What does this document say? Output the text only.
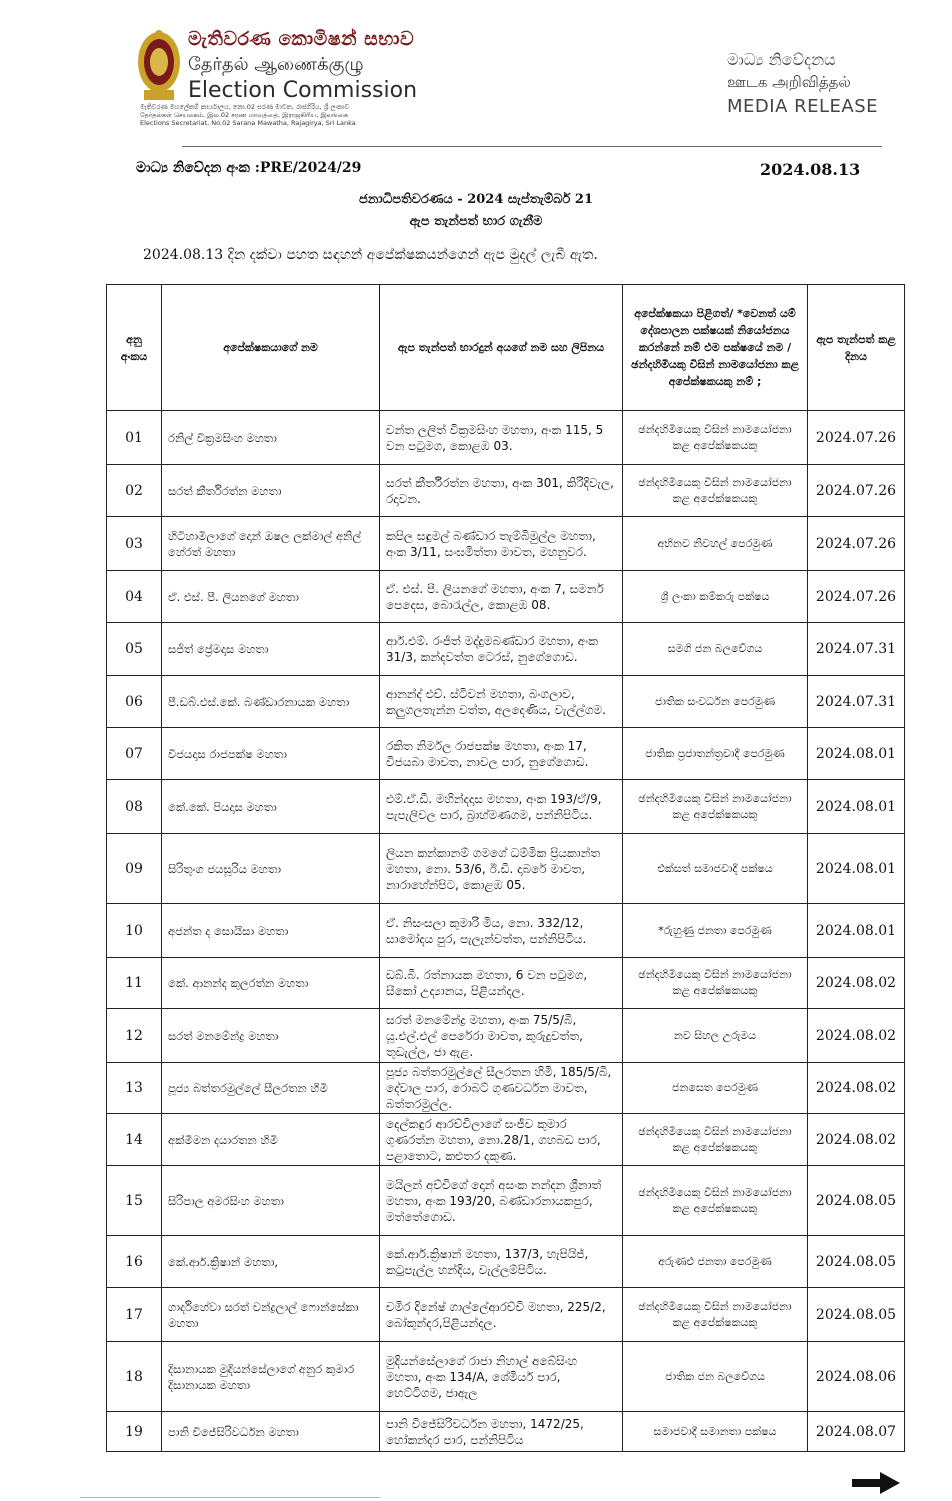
මැතිවරණ කොමිෂන් සභාව
தேர்தல் ஆணைக்குழு
Election Commission
මැතිවරණ මහලේකම් කාර්යාලය, නො.02 සරණ මාවත, රාජගිරිය, ශ්‍රී ලංකාව
தேர்தல்கள் செயலகம், இல.02 சரண மாவத்தை, இராஜகிரிய, இலங்கை
Elections Secretariat, No.02 Sarana Mawatha, Rajagirya, Sri Lanka
මාධ්‍ය නිවේදනය
ஊடக அறிவித்தல்
MEDIA RELEASE
මාධ්‍ය නිවේදන අංක :PRE/2024/29	2024.08.13
ජනාධිපතිවරණය - 2024 සැප්තැම්බර් 21
ඇප තැන්පත් භාර ගැනීම
2024.08.13 දින දක්වා පහත සඳහන් අපේක්ෂකයන්ගෙන් ඇප මුදල් ලැබී ඇත.
අනු අංකය	අපේක්ෂකයාගේ නම	ඇප තැන්පත් භාරදුන් අයගේ නම සහ ලිපිනය	අපේක්ෂකයා පිළිගත්/ *වෙනත් යම් දේශපාලන පක්ෂයක් නියෝජනය කරන්නේ නම් එම පක්ෂයේ නම / ඡන්දහිමියකු විසින් නාමයෝජනා කළ අපේක්ෂකයකු නම් ;	ඇප තැන්පත් කළ දිනය
01	රනිල් වික්‍රමසිංහ මහතා	චන්ත ලලිත් වික්‍රමසිංහ මහතා, අංක 115, 5 වන පටුමග, කොළඹ 03.	ඡන්දහිමියෙකු විසින් නාමයෝජනා කළ අපේක්ෂකයකු	2024.07.26
02	සරත් කීර්තිරත්න මහතා	සරත් කීර්තිරත්න මහතා, අංක 301, කිරිදිවැල, රදාවන.	ඡන්දහිමියෙකු විසින් නාමයෝජනා කළ අපේක්ෂකයකු	2024.07.26
03	හිටිහාමිලාගේ දොන් ඔෂල ලක්මාල් අනිල් හේරත් මහතා	කපිල සඳුමල් බණ්ඩාර තැම්බිමුල්ල මහතා, අංක 3/11, සංඝමිත්තා මාවත, මහනුවර.	අභිනව නිවහල් පෙරමුණ	2024.07.26
04	ඒ. එස්. පී. ලියනගේ මහතා	ඒ. එස්. පී. ලියනගේ මහතා, අංක 7, සමනර් පෙදෙස, බොරැල්ල, කොළඹ 08.	ශ්‍රී ලංකා කම්කරු පක්ෂය	2024.07.26
05	සජිත් ප්‍රේමදාස මහතා	ආර්.එම්. රංජිත් මද්දුමබණ්ඩාර මහතා, අංක 31/3, කන්දවත්ත ටෙරස්, නුගේගොඩ.	සමගි ජන බලවේගය	2024.07.31
06	පී.ඩබ්.එස්.කේ. බණ්ඩාරනායක මහතා	ආනන්ද් එච්. ස්ටීවන් මහතා, බංගලාව, කලුගලතැන්න වත්ත, අලදෙණිය, වැල්ල්ගම.	ජාතික සංවර්ධන පෙරමුණ	2024.07.31
07	විජයදාස රාජපක්ෂ මහතා	රකිත නිර්මල රාජපක්ෂ මහතා, අංක 17, විජයබා මාවත, නාවල පාර, නුගේගොඩ.	ජාතික ප්‍රජාතන්ත්‍රවාදී පෙරමුණ	2024.08.01
08	කේ.කේ. පියදාස මහතා	එම්.ඒ.ඩී. මහින්දදාස මහතා, අංක 193/ඒ/9, පැපැලිවල පාර, බ්‍රාහ්මණගම, පන්නිපිටිය.	ඡන්දහිමියෙකු විසින් නාමයෝජනා කළ අපේක්ෂකයකු	2024.08.01
09	සිරිතුංග ජයසූරිය මහතා	ලියන කන්කානම් ගමගේ ධම්මික ප්‍රියකාන්ත මහතා, නො. 53/6, ඊ.ඩී. දාබරේ මාවත, නාරාහේන්පිට, කොළඹ 05.	එක්සත් සමාජවාදී පක්ෂය	2024.08.01
10	අජන්ත ද සොයිසා මහතා	ඒ. නිසංසලා කුමාරි මිය, නො. 332/12, සාමෝදය පුර, පැලැන්වත්ත, පන්නිපිටිය.	*රුහුණු ජනතා පෙරමුණ	2024.08.01
11	කේ. ආනන්ද කුලරත්න මහතා	ඩබ්.බී. රත්නායක මහතා, 6 වන පටුමග, සීකෝ උද්‍යානය, පිළියන්දල.	ඡන්දහිමියෙකු විසින් නාමයෝජනා කළ අපේක්ෂකයකු	2024.08.02
12	සරත් මනමේන්ද්‍ර මහතා	සරත් මනමේන්ද්‍ර මහතා, අංක 75/5/බී, යූ.එල්.එල් පෙරේරා මාවත, කුරුදුවත්ත, තුඩැල්ල, ජා ඇළ.	නව සිහල උරුමය	2024.08.02
13	පූජ්‍ය බත්තරමුල්ලේ සීලරතන හිමි	පූජ්‍ය බත්තරමුල්ලේ සීලරතන හිමි, 185/5/බී, දේවාල පාර, රොබට් ගුණවර්ධන මාවත, බත්තරමුල්ල.	ජනසෙත පෙරමුණ	2024.08.02
14	අක්මීමන දයාරතන හිමි	දෙල්කඳුර ආරච්චිලාගේ සංජීව කුමාර ගුණරත්න මහතා, නො.28/1, ගහබඩ පාර, පළාතොට, කළුතර දකුණ.	ඡන්දහිමියෙකු විසින් නාමයෝජනා කළ අපේක්ෂකයකු	2024.08.02
15	සිරිපාල අමරසිංහ මහතා	මයිලන් අච්චිගේ දොන් අසංක නන්දන ශ්‍රීනාත් මහතා, අංක 193/20, බණ්ඩාරනායකපුර, මත්තේගොඩ.	ඡන්දහිමියෙකු විසින් නාමයෝජනා කළ අපේක්ෂකයකු	2024.08.05
16	කේ.ආර්.ක්‍රිෂාන් මහතා,	කේ.ආර්.ක්‍රිෂාන් මහතා, 137/3, හැපියිජ්, කටුපැල්ල හන්දිය, වැල්ලම්පිටිය.	අරුණළු ජනතා පෙරමුණ	2024.08.05
17	ගාර්දිහේවා සරත් චන්ද්‍රලාල් ෆොන්සේකා මහතා	චමිර දිනේෂ් ගාල්ලේආරච්චි මහතා, 225/2, බෝකුන්දර,පිළියන්දල.	ඡන්දහිමියෙකු විසින් නාමයෝජනා කළ අපේක්ෂකයකු	2024.08.05
18	දිසානායක මුදියන්සේලාගේ අනුර කුමාර දිසානායක මහතා	මුදියන්සේලාගේ රාජා නිහාල් අබේසිංහ මහතා, අංක 134/A, ශේමියර් පාර, හෙට්ටිගම, ජාඇල	ජාතික ජන බලවේගය	2024.08.06
19	පානි විජේසිරිවර්ධන මහතා	පානි විජේසිරිවර්ධන මහතා, 1472/25, හෝකන්දර පාර, පන්නිපිටිය	සමාජවාදී සමානතා පක්ෂය	2024.08.07
